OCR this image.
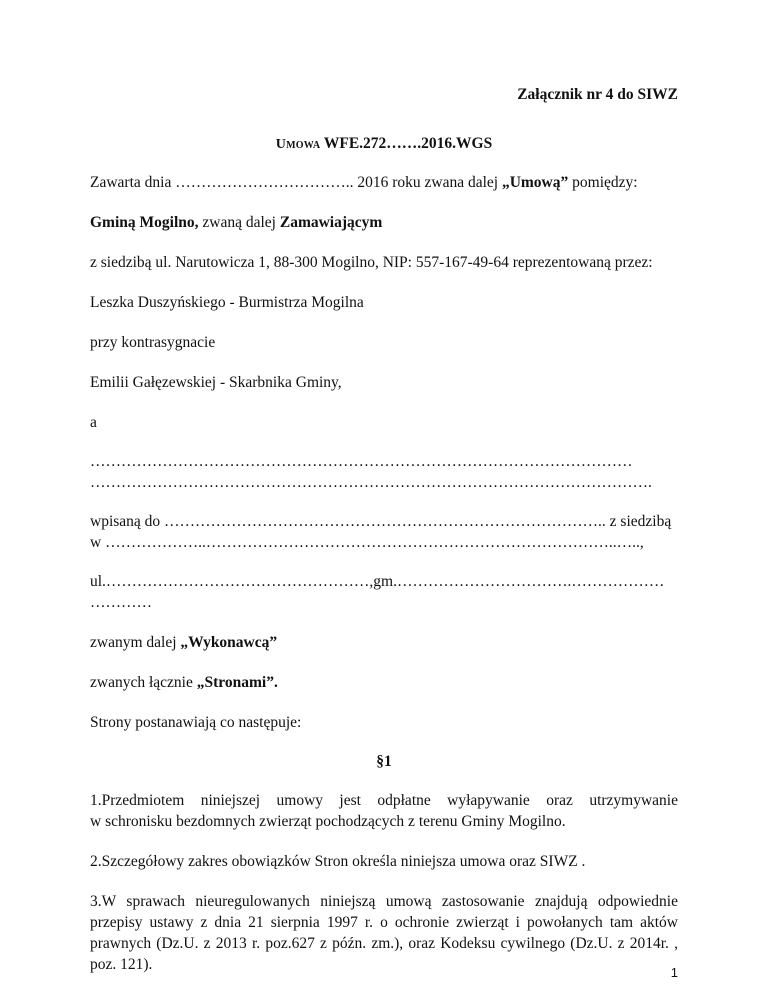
Załącznik nr 4 do SIWZ
Umowa WFE.272…….2016.WGS
Zawarta dnia …………………………….. 2016 roku zwana dalej „Umową” pomiędzy:
Gminą Mogilno, zwaną dalej Zamawiającym
z siedzibą ul. Narutowicza 1, 88-300 Mogilno, NIP: 557-167-49-64 reprezentowaną przez:
Leszka Duszyńskiego - Burmistrza Mogilna
przy kontrasygnacie
Emilii Gałęzewskiej - Skarbnika Gminy,
a
……………………………………………………………………………………………
……………………………………………………………………………………………….
wpisaną do ………………………………………………………………………….. z siedzibą
w ………………..……………………………………………………………………..…..,
ul.……………………………………………,gm.…………………………….………………
…………
zwanym dalej „Wykonawcą”
zwanych łącznie „Stronami”.
Strony postanawiają co następuje:
§1
1.Przedmiotem niniejszej umowy jest odpłatne wyłapywanie oraz utrzymywanie
w schronisku bezdomnych zwierząt pochodzących z terenu Gminy Mogilno.
2.Szczegółowy zakres obowiązków Stron określa niniejsza umowa oraz SIWZ .
3.W sprawach nieuregulowanych niniejszą umową zastosowanie znajdują odpowiednie
przepisy ustawy z dnia 21 sierpnia 1997 r. o ochronie zwierząt i powołanych tam aktów
prawnych (Dz.U. z 2013 r. poz.627 z późn. zm.), oraz Kodeksu cywilnego (Dz.U. z 2014r. ,
poz. 121).	1
